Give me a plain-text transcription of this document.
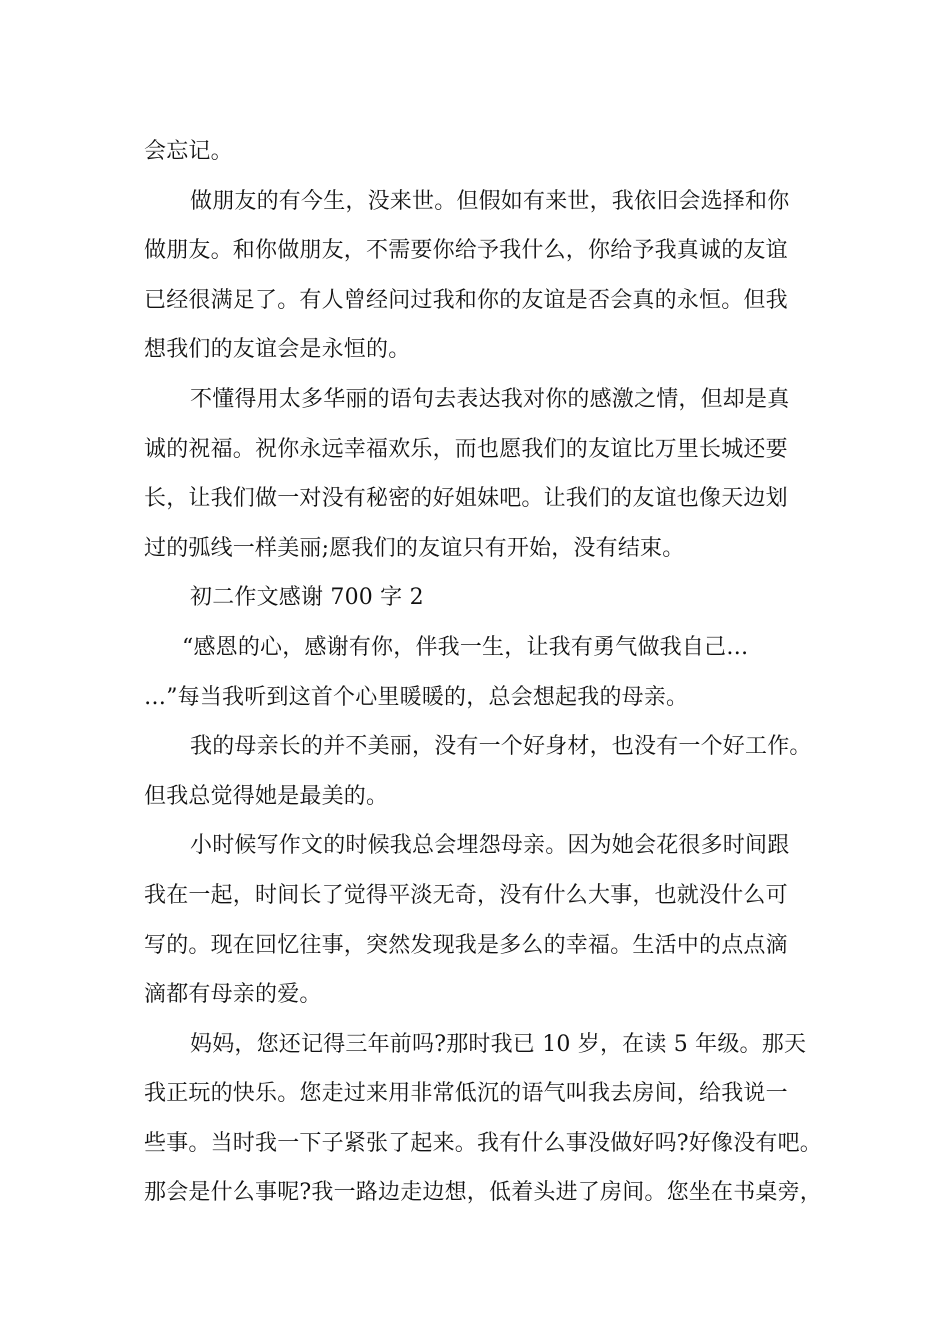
会忘记。
做朋友的有今生，没来世。但假如有来世，我依旧会选择和你
做朋友。和你做朋友，不需要你给予我什么，你给予我真诚的友谊
已经很满足了。有人曾经问过我和你的友谊是否会真的永恒。但我
想我们的友谊会是永恒的。
不懂得用太多华丽的语句去表达我对你的感激之情，但却是真
诚的祝福。祝你永远幸福欢乐，而也愿我们的友谊比万里长城还要
长，让我们做一对没有秘密的好姐妹吧。让我们的友谊也像天边划
过的弧线一样美丽;愿我们的友谊只有开始，没有结束。
初二作文感谢 700 字 2
“感恩的心，感谢有你，伴我一生，让我有勇气做我自己…
…”每当我听到这首个心里暖暖的，总会想起我的母亲。
我的母亲长的并不美丽，没有一个好身材，也没有一个好工作。
但我总觉得她是最美的。
小时候写作文的时候我总会埋怨母亲。因为她会花很多时间跟
我在一起，时间长了觉得平淡无奇，没有什么大事，也就没什么可
写的。现在回忆往事，突然发现我是多么的幸福。生活中的点点滴
滴都有母亲的爱。
妈妈，您还记得三年前吗?那时我已 10 岁，在读 5 年级。那天
我正玩的快乐。您走过来用非常低沉的语气叫我去房间，给我说一
些事。当时我一下子紧张了起来。我有什么事没做好吗?好像没有吧。
那会是什么事呢?我一路边走边想，低着头进了房间。您坐在书桌旁，
